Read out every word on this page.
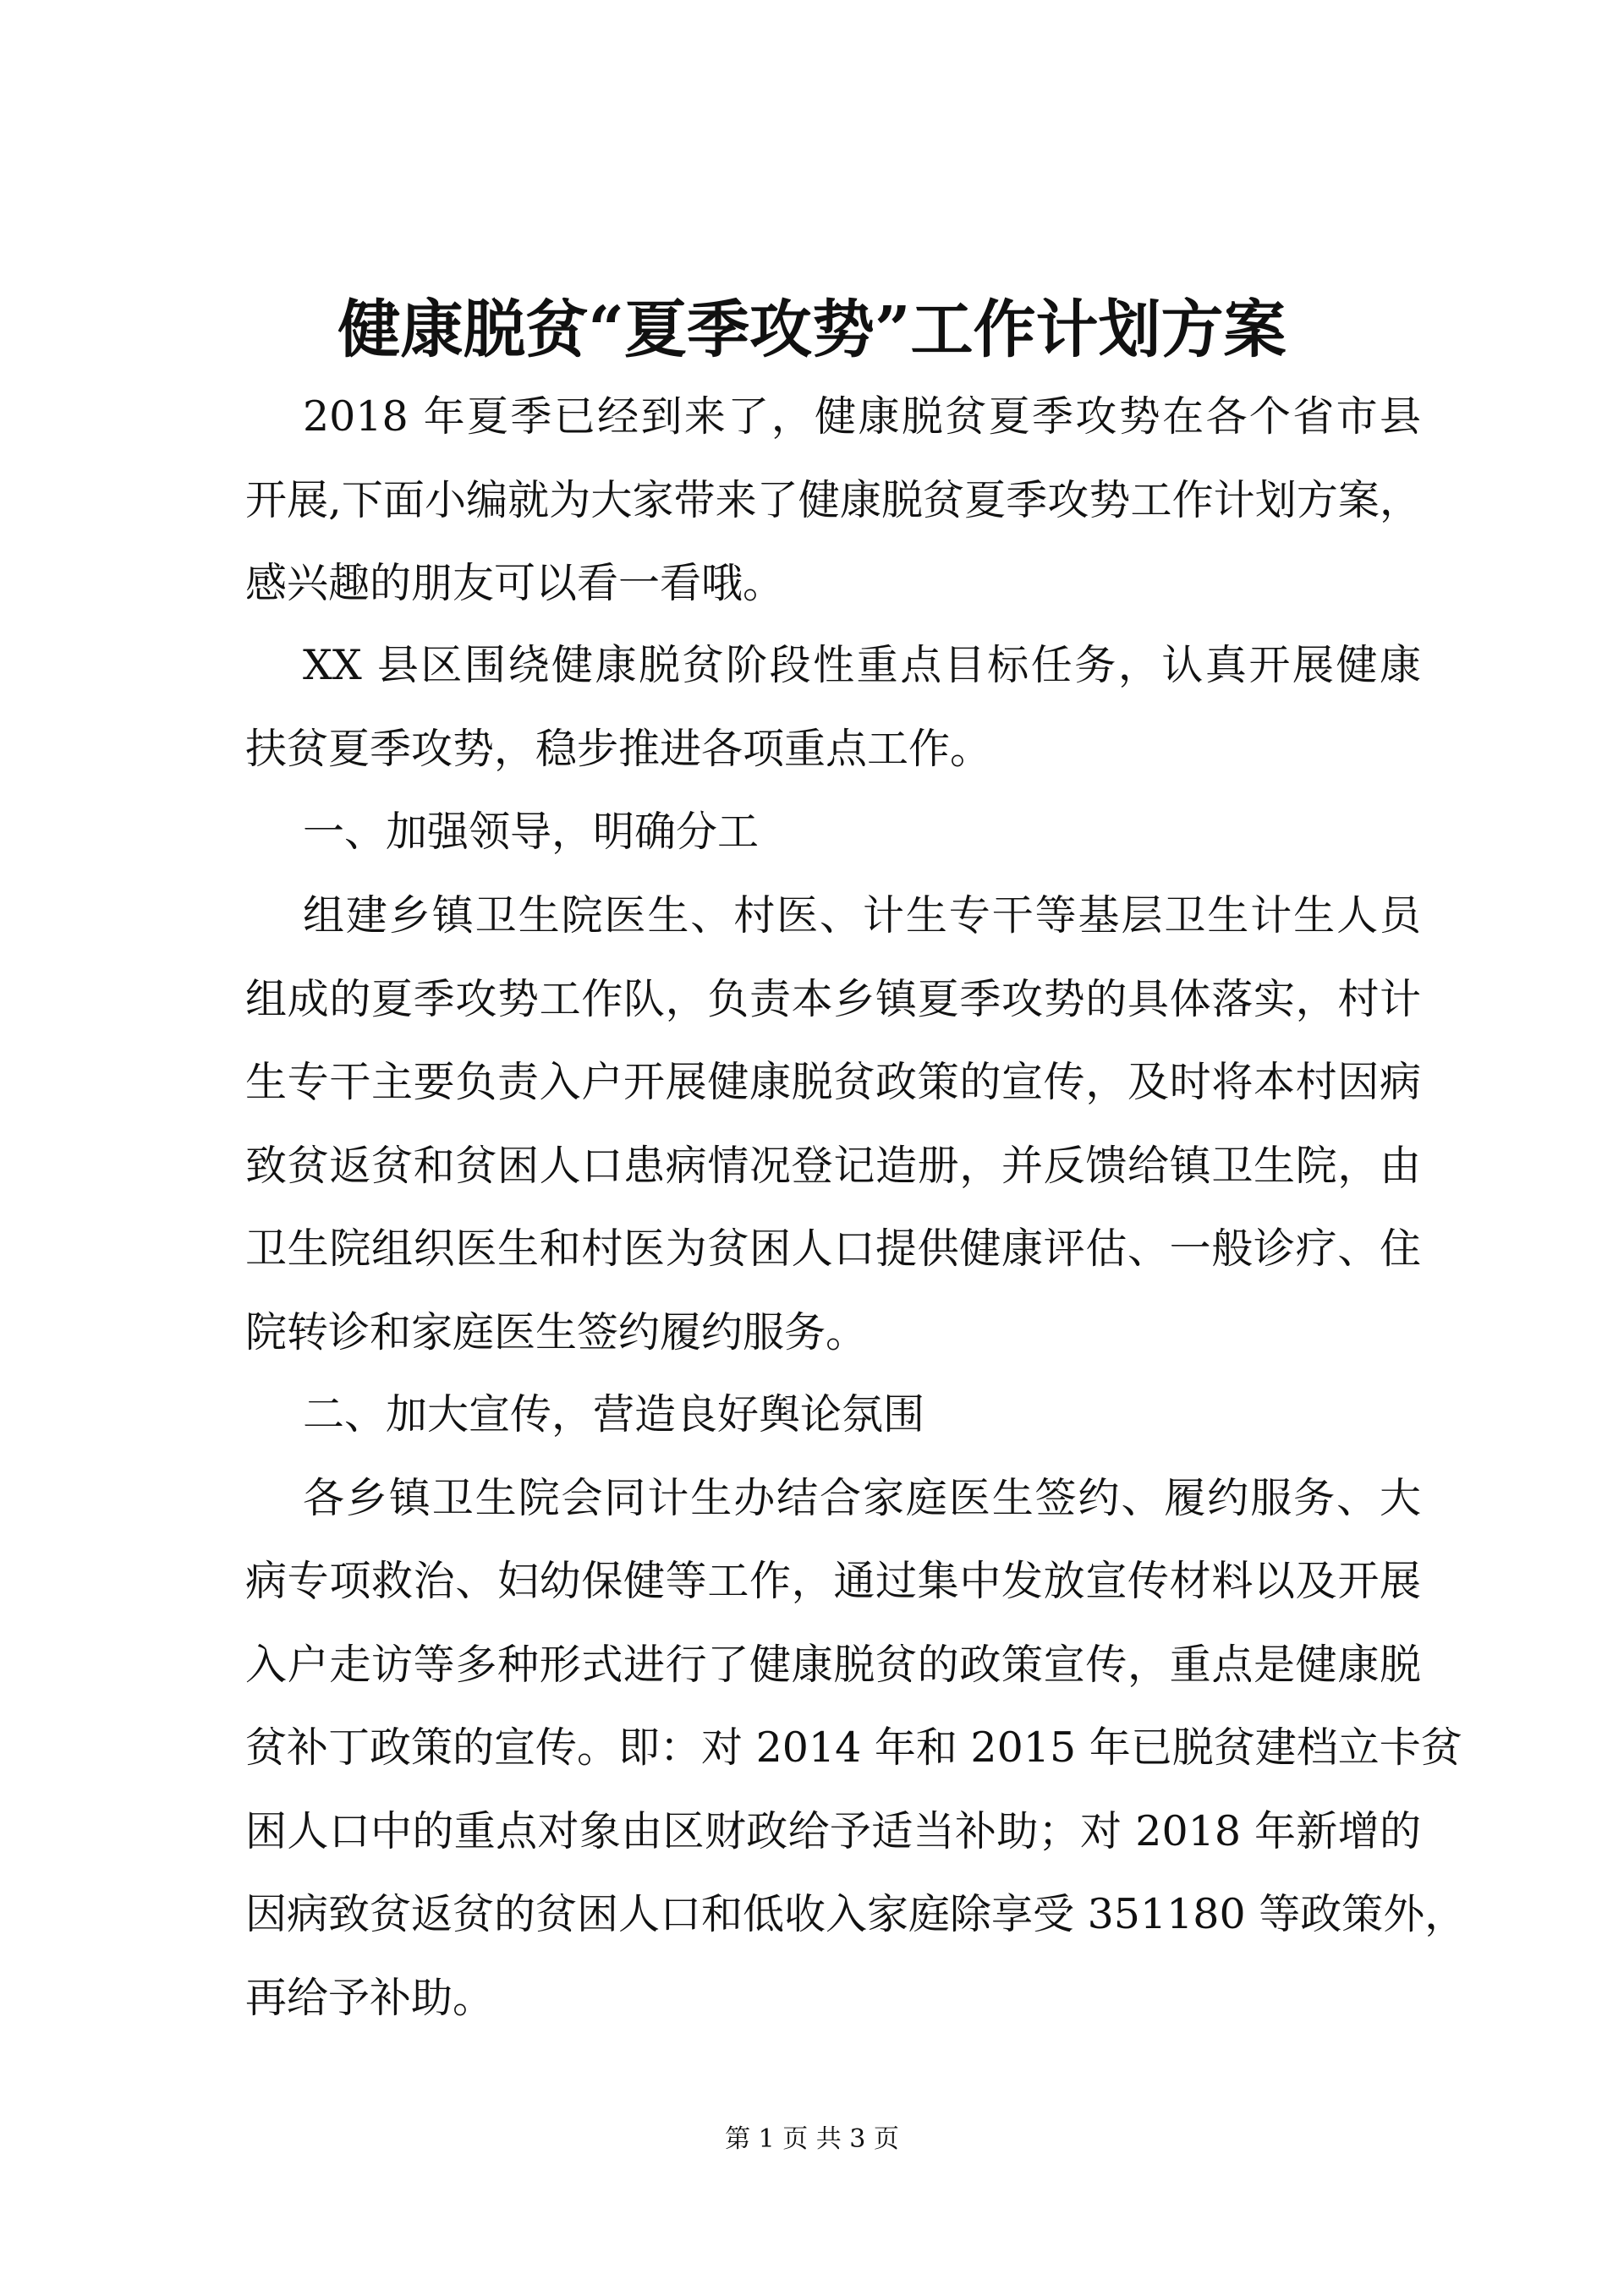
健康脱贫“夏季攻势”工作计划方案
2018 年夏季已经到来了，健康脱贫夏季攻势在各个省市县
开展,下面小编就为大家带来了健康脱贫夏季攻势工作计划方案，
感兴趣的朋友可以看一看哦。
XX 县区围绕健康脱贫阶段性重点目标任务，认真开展健康
扶贫夏季攻势，稳步推进各项重点工作。
一、加强领导，明确分工
组建乡镇卫生院医生、村医、计生专干等基层卫生计生人员
组成的夏季攻势工作队，负责本乡镇夏季攻势的具体落实，村计
生专干主要负责入户开展健康脱贫政策的宣传，及时将本村因病
致贫返贫和贫困人口患病情况登记造册，并反馈给镇卫生院，由
卫生院组织医生和村医为贫困人口提供健康评估、一般诊疗、住
院转诊和家庭医生签约履约服务。
二、加大宣传，营造良好舆论氛围
各乡镇卫生院会同计生办结合家庭医生签约、履约服务、大
病专项救治、妇幼保健等工作，通过集中发放宣传材料以及开展
入户走访等多种形式进行了健康脱贫的政策宣传，重点是健康脱
贫补丁政策的宣传。即：对 2014 年和 2015 年已脱贫建档立卡贫
困人口中的重点对象由区财政给予适当补助；对 2018 年新增的
因病致贫返贫的贫困人口和低收入家庭除享受 351180 等政策外，
再给予补助。
第 1 页 共 3 页
